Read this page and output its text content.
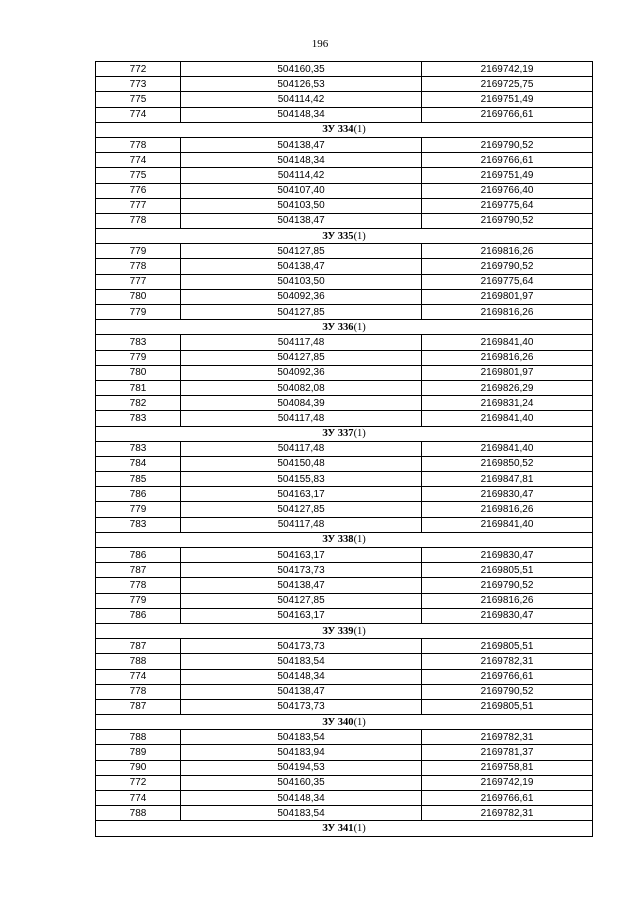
196
772	504160,35	2169742,19
773	504126,53	2169725,75
775	504114,42	2169751,49
774	504148,34	2169766,61
ЗУ 334(1)		
778	504138,47	2169790,52
774	504148,34	2169766,61
775	504114,42	2169751,49
776	504107,40	2169766,40
777	504103,50	2169775,64
778	504138,47	2169790,52
ЗУ 335(1)		
779	504127,85	2169816,26
778	504138,47	2169790,52
777	504103,50	2169775,64
780	504092,36	2169801,97
779	504127,85	2169816,26
ЗУ 336(1)		
783	504117,48	2169841,40
779	504127,85	2169816,26
780	504092,36	2169801,97
781	504082,08	2169826,29
782	504084,39	2169831,24
783	504117,48	2169841,40
ЗУ 337(1)		
783	504117,48	2169841,40
784	504150,48	2169850,52
785	504155,83	2169847,81
786	504163,17	2169830,47
779	504127,85	2169816,26
783	504117,48	2169841,40
ЗУ 338(1)		
786	504163,17	2169830,47
787	504173,73	2169805,51
778	504138,47	2169790,52
779	504127,85	2169816,26
786	504163,17	2169830,47
ЗУ 339(1)		
787	504173,73	2169805,51
788	504183,54	2169782,31
774	504148,34	2169766,61
778	504138,47	2169790,52
787	504173,73	2169805,51
ЗУ 340(1)		
788	504183,54	2169782,31
789	504183,94	2169781,37
790	504194,53	2169758,81
772	504160,35	2169742,19
774	504148,34	2169766,61
788	504183,54	2169782,31
ЗУ 341(1)		
